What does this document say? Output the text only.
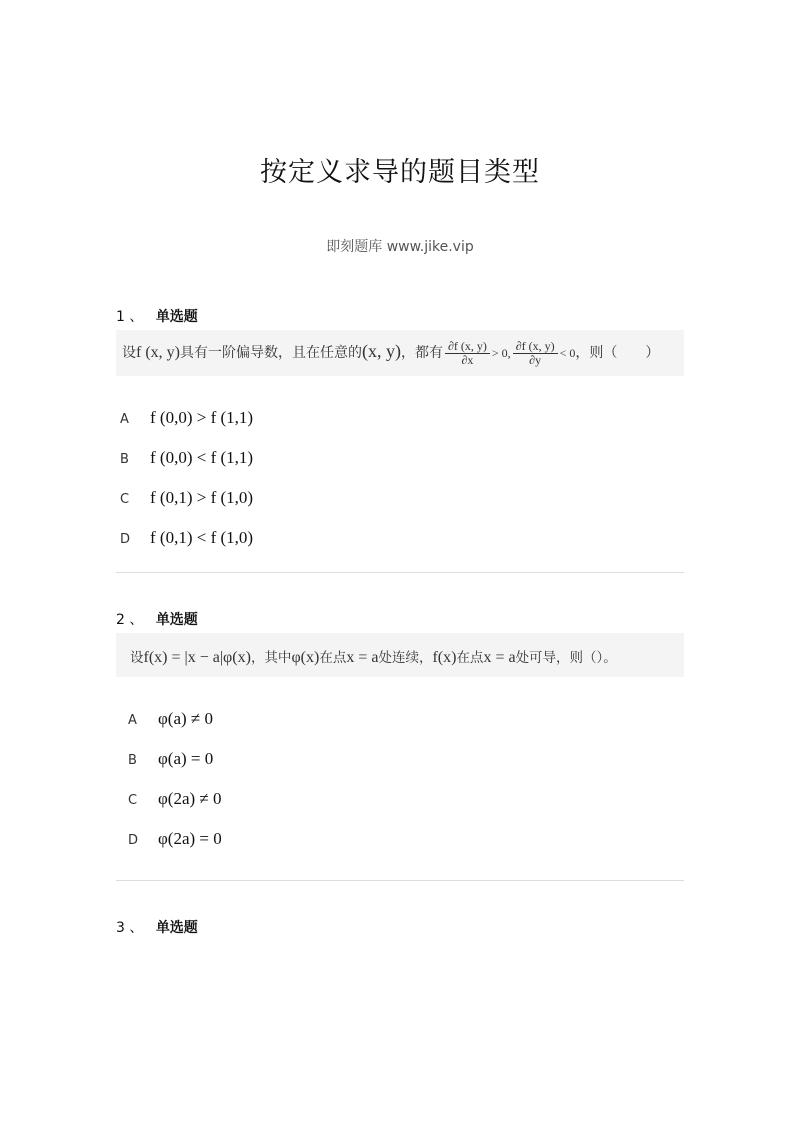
按定义求导的题目类型
即刻题库 www.jike.vip
1 、 单选题
设f (x, y)具有一阶偏导数，且在任意的(x, y)，都有 $\frac{\partial f (x, y)}{\partial x} > 0$, $\frac{\partial f (x, y)}{\partial y} < 0$，则（　　）
A f (0,0) > f (1,1)
B f (0,0) < f (1,1)
C f (0,1) > f (1,0)
D f (0,1) < f (1,0)
2 、 单选题
设f(x) = |x − a|φ(x)，其中φ(x)在点x = a处连续，f(x)在点x = a处可导，则（）。
A φ(a) ≠ 0
B φ(a) = 0
C φ(2a) ≠ 0
D φ(2a) = 0
3 、 单选题
